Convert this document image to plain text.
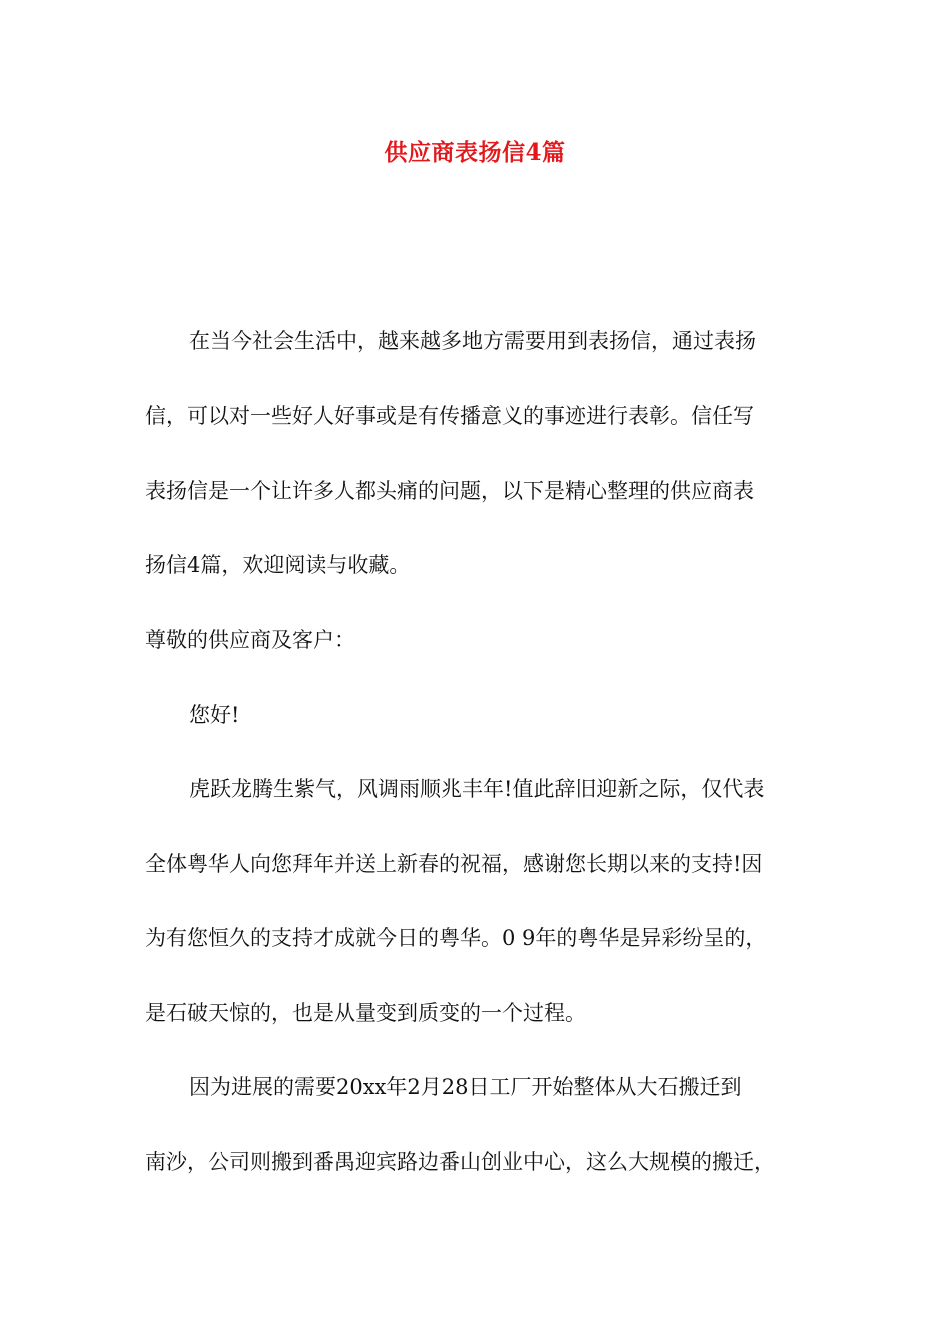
供应商表扬信4篇
在当今社会生活中，越来越多地方需要用到表扬信，通过表扬
信，可以对一些好人好事或是有传播意义的事迹进行表彰。信任写
表扬信是一个让许多人都头痛的问题，以下是精心整理的供应商表
扬信4篇，欢迎阅读与收藏。
尊敬的供应商及客户：
您好!
虎跃龙腾生紫气，风调雨顺兆丰年!值此辞旧迎新之际，仅代表
全体粤华人向您拜年并送上新春的祝福，感谢您长期以来的支持!因
为有您恒久的支持才成就今日的粤华。0 9年的粤华是异彩纷呈的，
是石破天惊的，也是从量变到质变的一个过程。
因为进展的需要20xx年2月28日工厂开始整体从大石搬迁到
南沙，公司则搬到番禺迎宾路边番山创业中心，这么大规模的搬迁，
